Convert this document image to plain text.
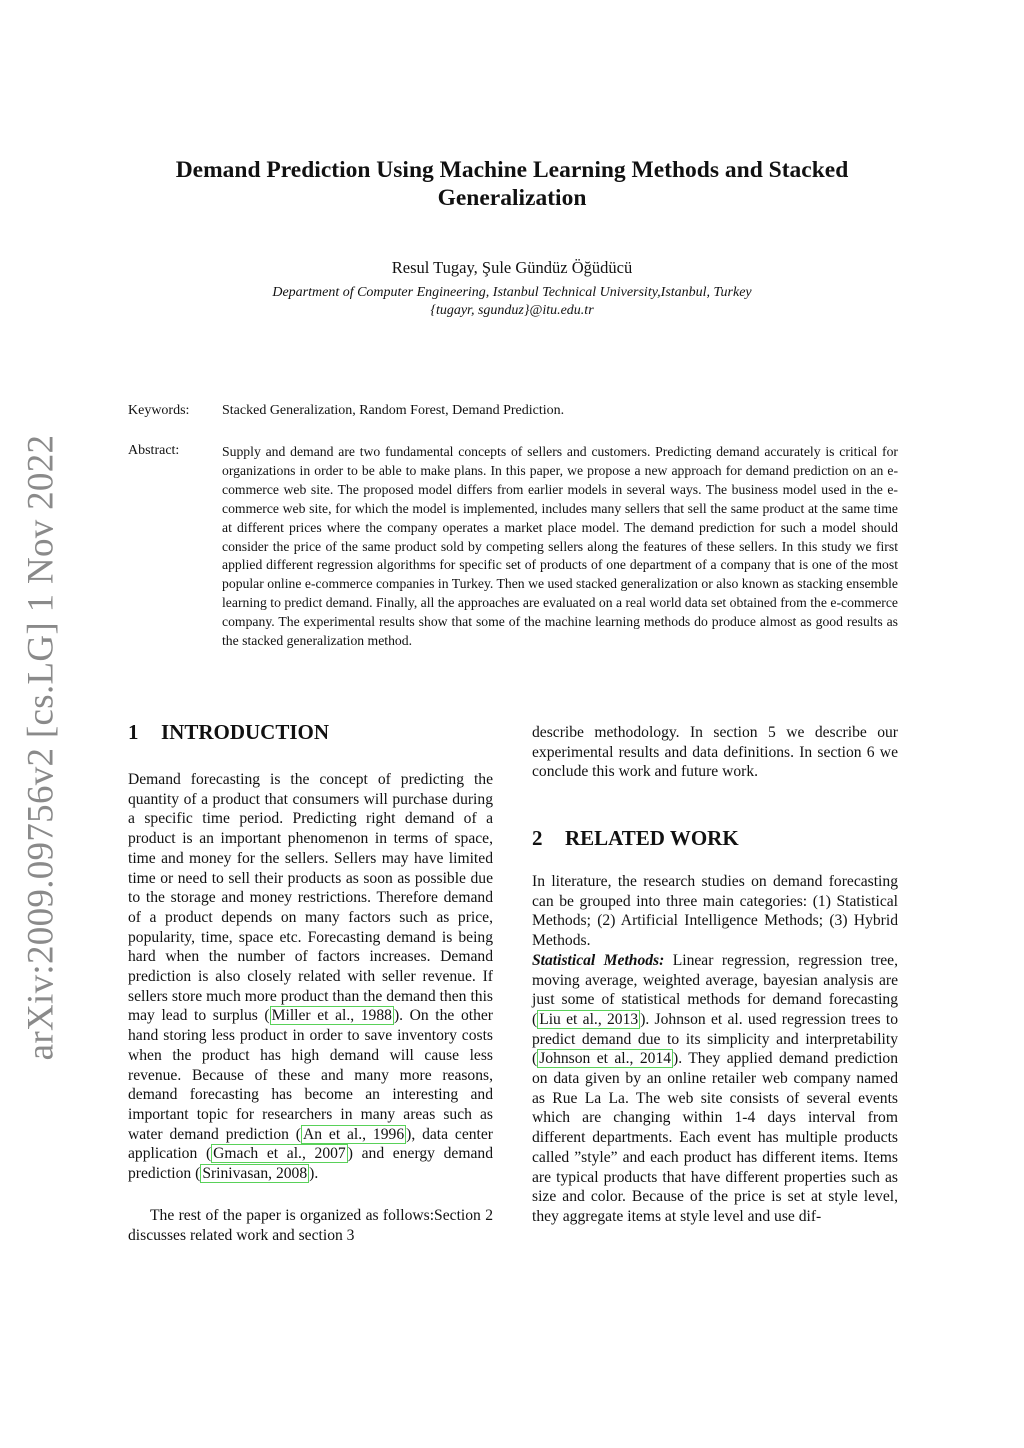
arXiv:2009.09756v2 [cs.LG] 1 Nov 2022
Demand Prediction Using Machine Learning Methods and Stacked Generalization
Resul Tugay, Şule Gündüz Öğüdücü
Department of Computer Engineering, Istanbul Technical University,Istanbul, Turkey
{tugayr, sgunduz}@itu.edu.tr
Keywords: Stacked Generalization, Random Forest, Demand Prediction.
Abstract:	Supply and demand are two fundamental concepts of sellers and customers. Predicting demand accurately is critical for organizations in order to be able to make plans. In this paper, we propose a new approach for demand prediction on an e-commerce web site. The proposed model differs from earlier models in several ways. The business model used in the e-commerce web site, for which the model is implemented, includes many sellers that sell the same product at the same time at different prices where the company operates a market place model. The demand prediction for such a model should consider the price of the same product sold by competing sellers along the features of these sellers. In this study we first applied different regression algorithms for specific set of products of one department of a company that is one of the most popular online e-commerce companies in Turkey. Then we used stacked generalization or also known as stacking ensemble learning to predict demand. Finally, all the approaches are evaluated on a real world data set obtained from the e-commerce company. The experimental results show that some of the machine learning methods do produce almost as good results as the stacked generalization method.

1 INTRODUCTION

Demand forecasting is the concept of predicting the quantity of a product that consumers will purchase during a specific time period. Predicting right demand of a product is an important phenomenon in terms of space, time and money for the sellers. Sellers may have limited time or need to sell their products as soon as possible due to the storage and money restrictions. Therefore demand of a product depends on many factors such as price, popularity, time, space etc. Forecasting demand is being hard when the number of factors increases. Demand prediction is also closely related with seller revenue. If sellers store much more product than the demand then this may lead to surplus ( Miller et al., 1988 ). On the other hand storing less product in order to save inventory costs when the product has high demand will cause less revenue. Because of these and many more reasons, demand forecasting has become an interesting and important topic for researchers in many areas such as water demand prediction ( An et al., 1996 ), data center application ( Gmach et al., 2007 ) and energy demand prediction ( Srinivasan, 2008 ).

The rest of the paper is organized as follows:Section 2 discusses related work and section 3

describe methodology. In section 5 we describe our experimental results and data definitions. In section 6 we conclude this work and future work.

2 RELATED WORK
In literature, the research studies on demand forecasting can be grouped into three main categories: (1) Statistical Methods; (2) Artificial Intelligence Methods; (3) Hybrid Methods.
Statistical Methods: Linear regression, regression tree, moving average, weighted average, bayesian analysis are just some of statistical methods for demand forecasting ( Liu et al., 2013 ). Johnson et al. used regression trees to predict demand due to its simplicity and interpretability ( Johnson et al., 2014 ). They applied demand prediction on data given by an online retailer web company named as Rue La La. The web site consists of several events which are changing within 1-4 days interval from different departments. Each event has multiple products called ”style” and each product has different items. Items are typical products that have different properties such as size and color. Because of the price is set at style level, they aggregate items at style level and use dif-
